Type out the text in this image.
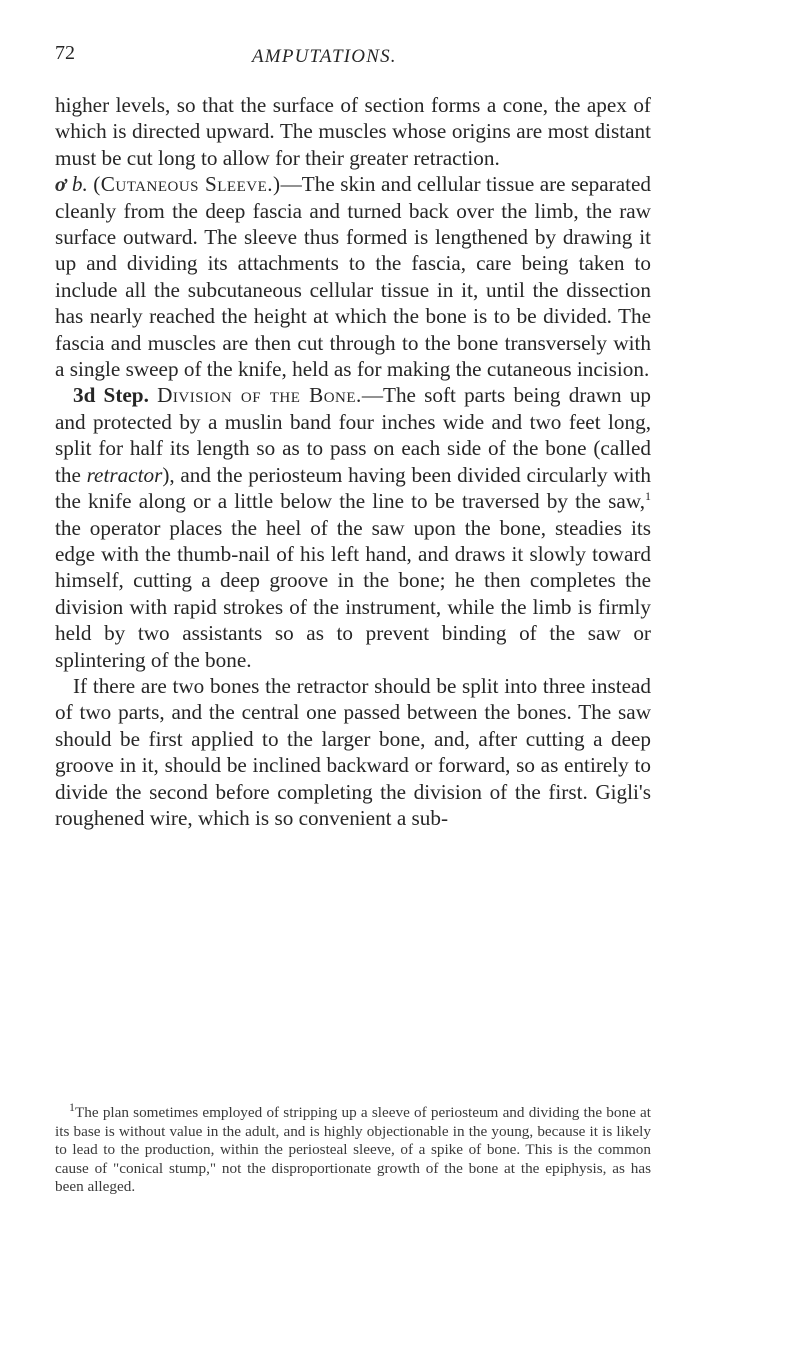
72	AMPUTATIONS.

higher levels, so that the surface of section forms a cone, the apex of which is directed upward. The muscles whose origins are most distant must be cut long to allow for their greater retraction.

ơ b. (Cutaneous Sleeve.)—The skin and cellular tissue are separated cleanly from the deep fascia and turned back over the limb, the raw surface outward. The sleeve thus formed is lengthened by drawing it up and dividing its attachments to the fascia, care being taken to include all the subcutaneous cellular tissue in it, until the dissection has nearly reached the height at which the bone is to be divided. The fascia and muscles are then cut through to the bone transversely with a single sweep of the knife, held as for making the cutaneous incision.

3d Step. Division of the Bone.—The soft parts being drawn up and protected by a muslin band four inches wide and two feet long, split for half its length so as to pass on each side of the bone (called the retractor), and the periosteum having been divided circularly with the knife along or a little below the line to be traversed by the saw,$^1$ the operator places the heel of the saw upon the bone, steadies its edge with the thumb-nail of his left hand, and draws it slowly toward himself, cutting a deep groove in the bone; he then completes the division with rapid strokes of the instrument, while the limb is firmly held by two assistants so as to prevent binding of the saw or splintering of the bone.

If there are two bones the retractor should be split into three instead of two parts, and the central one passed between the bones. The saw should be first applied to the larger bone, and, after cutting a deep groove in it, should be inclined backward or forward, so as entirely to divide the second before completing the division of the first. Gigli's roughened wire, which is so convenient a sub-

$^1$The plan sometimes employed of stripping up a sleeve of periosteum and dividing the bone at its base is without value in the adult, and is highly objectionable in the young, because it is likely to lead to the production, within the periosteal sleeve, of a spike of bone. This is the common cause of "conical stump," not the disproportionate growth of the bone at the epiphysis, as has been alleged.
